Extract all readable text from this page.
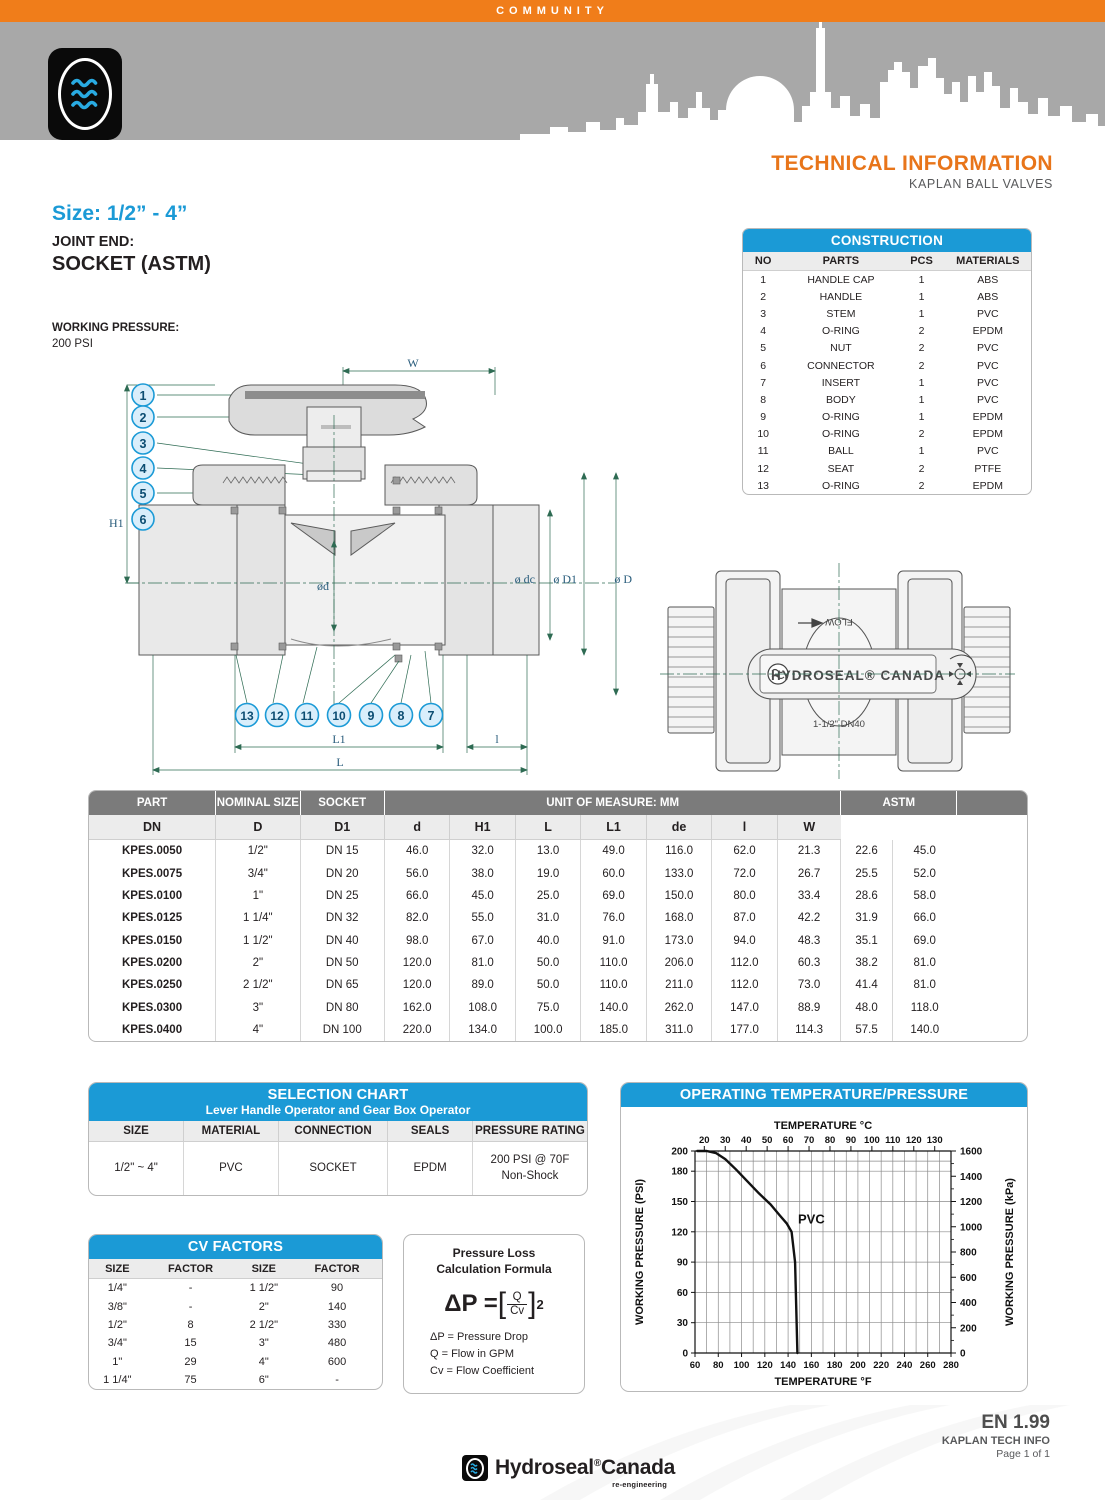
COMMUNITY
TECHNICAL INFORMATION
KAPLAN BALL VALVES
Size: 1/2” - 4”
JOINT END:
SOCKET (ASTM)
WORKING PRESSURE:
200 PSI
CONSTRUCTION
NO	PARTS	PCS	MATERIALS
1	HANDLE CAP	1	ABS
2	HANDLE	1	ABS
3	STEM	1	PVC
4	O-RING	2	EPDM
5	NUT	2	PVC
6	CONNECTOR	2	PVC
7	INSERT	1	PVC
8	BODY	1	PVC
9	O-RING	1	EPDM
10	O-RING	2	EPDM
11	BALL	1	PVC
12	SEAT	2	PTFE
13	O-RING	2	EPDM
W
H1
ød	ø dc ø D1	ø D
L1
L
l
1
2
3
4
5
6
13 12 11 10 9 8 7
FLOW
1-1/2" DN40
HYDROSEAL® CANADA
PART	NOMINAL SIZE	SOCKET	UNIT OF MEASURE: MM							ASTM		
DN	D	D1	d	H1	L	L1	de	l	W			
KPES.0050	1/2"	DN 15	46.0	32.0	13.0	49.0	116.0	62.0	21.3	22.6	45.0	
KPES.0075	3/4"	DN 20	56.0	38.0	19.0	60.0	133.0	72.0	26.7	25.5	52.0	
KPES.0100	1"	DN 25	66.0	45.0	25.0	69.0	150.0	80.0	33.4	28.6	58.0	
KPES.0125	1 1/4"	DN 32	82.0	55.0	31.0	76.0	168.0	87.0	42.2	31.9	66.0	
KPES.0150	1 1/2"	DN 40	98.0	67.0	40.0	91.0	173.0	94.0	48.3	35.1	69.0	
KPES.0200	2"	DN 50	120.0	81.0	50.0	110.0	206.0	112.0	60.3	38.2	81.0	
KPES.0250	2 1/2"	DN 65	120.0	89.0	50.0	110.0	211.0	112.0	73.0	41.4	81.0	
KPES.0300	3"	DN 80	162.0	108.0	75.0	140.0	262.0	147.0	88.9	48.0	118.0	
KPES.0400	4"	DN 100	220.0	134.0	100.0	185.0	311.0	177.0	114.3	57.5	140.0	
SELECTION CHART
Lever Handle Operator and Gear Box Operator
SIZE	MATERIAL	CONNECTION	SEALS	PRESSURE RATING
1/2" ~ 4"	PVC	SOCKET	EPDM	200 PSI @ 70F
Non-Shock
CV FACTORS
SIZE	FACTOR	SIZE	FACTOR
1/4"	-	1 1/2"	90
3/8"	-	2"	140
1/2"	8	2 1/2"	330
3/4"	15	3"	480
1"	29	4"	600
1 1/4"	75	6"	-
Pressure Loss
Calculation Formula
ΔP = [ $\frac{Q}{Cv}$ ] 2
ΔP = Pressure Drop
Q = Flow in GPM
Cv = Flow Coefficient
OPERATING TEMPERATURE/PRESSURE
60 80 100 120 140 160 180 200 220 240 260 280
20 30 40 50 60 70 80 90 100 110 120 130
0
30
60
90
120
150
180
200
0
200
400
600
800
1000
1200
1400
1600
PVC
TEMPERATURE °F
TEMPERATURE °C
WORKING PRESSURE (PSI)	WORKING PRESSURE (kPa)
Hydroseal®Canada
re-engineering
EN 1.99
KAPLAN TECH INFO
Page 1 of 1
